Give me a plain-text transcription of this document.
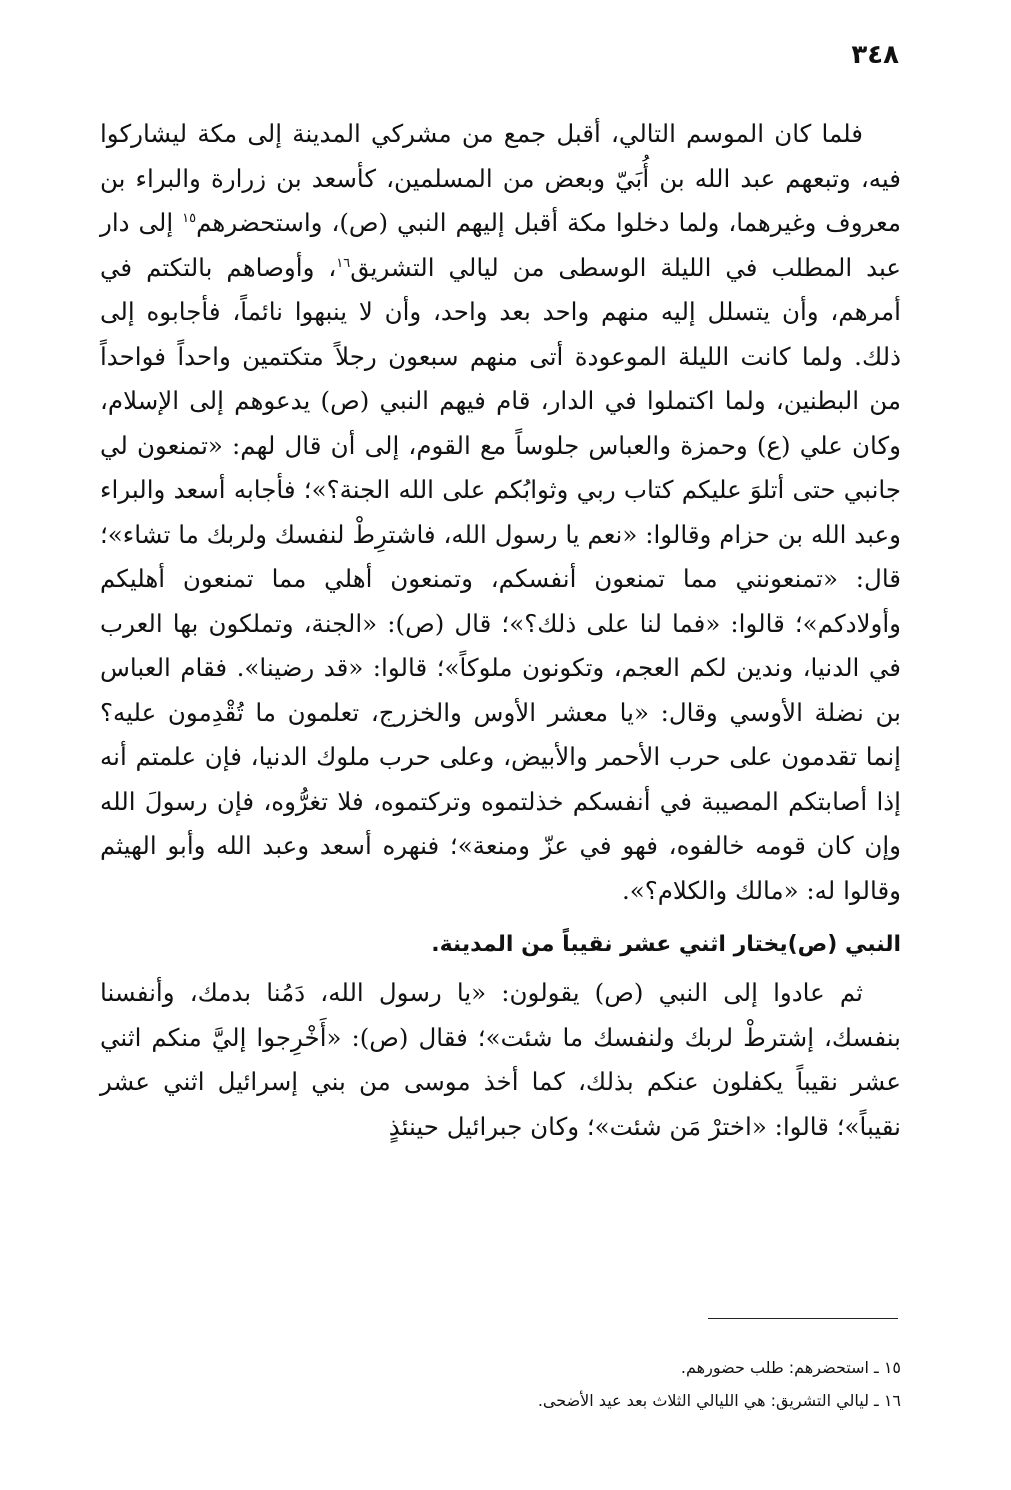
٣٤٨

فلما كان الموسم التالي، أقبل جمع من مشركي المدينة إلى مكة ليشاركوا فيه، وتبعهم عبد الله بن أُبَيّ وبعض من المسلمين، كأسعد بن زرارة والبراء بن معروف وغيرهما، ولما دخلوا مكة أقبل إليهم النبي (ص)، واستحضرهم$^{١٥}$ إلى دار عبد المطلب في الليلة الوسطى من ليالي التشريق$^{١٦}$، وأوصاهم بالتكتم في أمرهم، وأن يتسلل إليه منهم واحد بعد واحد، وأن لا ينبهوا نائماً، فأجابوه إلى ذلك. ولما كانت الليلة الموعودة أتى منهم سبعون رجلاً متكتمين واحداً فواحداً من البطنين، ولما اكتملوا في الدار، قام فيهم النبي (ص) يدعوهم إلى الإسلام، وكان علي (ع) وحمزة والعباس جلوساً مع القوم، إلى أن قال لهم: «تمنعون لي جانبي حتى أتلوَ عليكم كتاب ربي وثوابُكم على الله الجنة؟»؛ فأجابه أسعد والبراء وعبد الله بن حزام وقالوا: «نعم يا رسول الله، فاشترِطْ لنفسك ولربك ما تشاء»؛ قال: «تمنعونني مما تمنعون أنفسكم، وتمنعون أهلي مما تمنعون أهليكم وأولادكم»؛ قالوا: «فما لنا على ذلك؟»؛ قال (ص): «الجنة، وتملكون بها العرب في الدنيا، وندين لكم العجم، وتكونون ملوكاً»؛ قالوا: «قد رضينا». فقام العباس بن نضلة الأوسي وقال: «يا معشر الأوس والخزرج، تعلمون ما تُقْدِمون عليه؟ إنما تقدمون على حرب الأحمر والأبيض، وعلى حرب ملوك الدنيا، فإن علمتم أنه إذا أصابتكم المصيبة في أنفسكم خذلتموه وتركتموه، فلا تغرُّوه، فإن رسولَ الله وإن كان قومه خالفوه، فهو في عزّ ومنعة»؛ فنهره أسعد وعبد الله وأبو الهيثم وقالوا له: «مالك والكلام؟».

النبي (ص)يختار اثني عشر نقيباً من المدينة.

ثم عادوا إلى النبي (ص) يقولون: «يا رسول الله، دَمُنا بدمك، وأنفسنا بنفسك، إشترطْ لربك ولنفسك ما شئت»؛ فقال (ص): «أَخْرِجوا إليَّ منكم اثني عشر نقيباً يكفلون عنكم بذلك، كما أخذ موسى من بني إسرائيل اثني عشر نقيباً»؛ قالوا: «اخترْ مَن شئت»؛ وكان جبرائيل حينئذٍ

١٥ ـ استحضرهم: طلب حضورهم.

١٦ ـ ليالي التشريق: هي الليالي الثلاث بعد عيد الأضحى.
